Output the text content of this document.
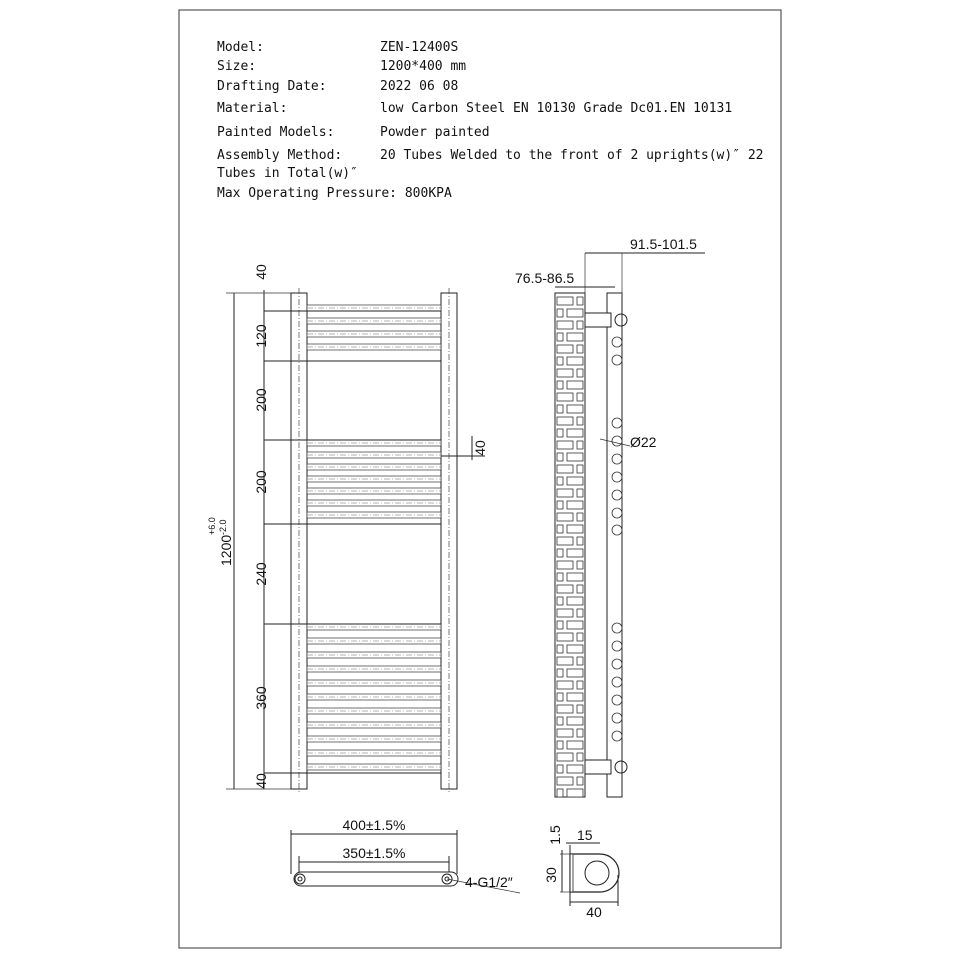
Model:	ZEN-12400S
Size:	1200*400 mm
Drafting Date:	2022 06 08
Material:	low Carbon Steel EN 10130 Grade Dc01.EN 10131
Painted Models:	Powder painted
Assembly Method:	20 Tubes Welded to the front of 2 uprights(w)″ 22
Tubes in Total(w)″
Max Operating Pressure: 800KPA
40
120
200
200
240
360
40
1200
+6.0 -2.0
40
91.5-101.5
76.5-86.5
Ø22
400±1.5%
350±1.5%
4-G1/2″ 30
40
15
1.5
